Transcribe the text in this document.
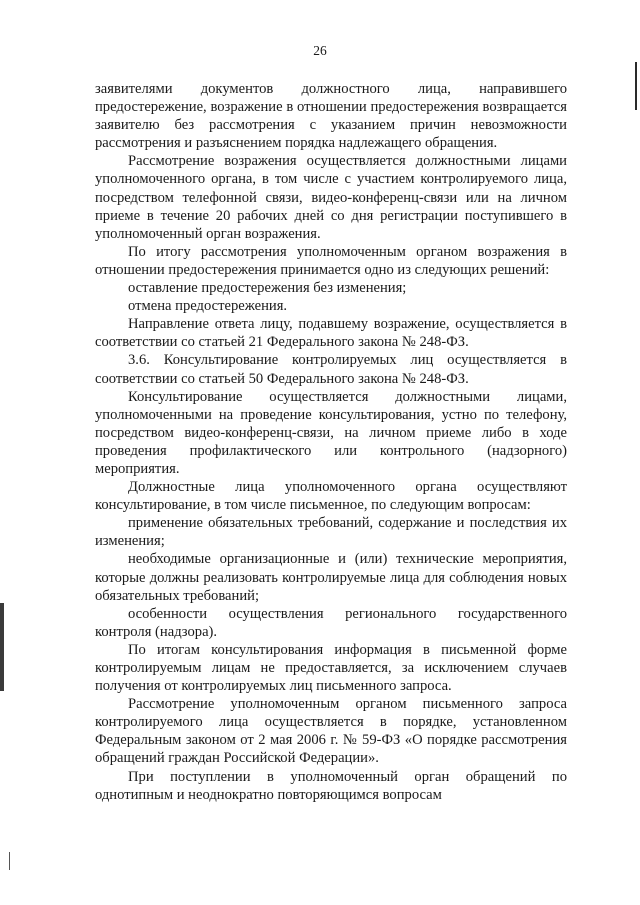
26

заявителями документов должностного лица, направившего предостережение, возражение в отношении предостережения возвращается заявителю без рассмотрения с указанием причин невозможности рассмотрения и разъяснением порядка надлежащего обращения.

Рассмотрение возражения осуществляется должностными лицами уполномоченного органа, в том числе с участием контролируемого лица, посредством телефонной связи, видео-конференц-связи или на личном приеме в течение 20 рабочих дней со дня регистрации поступившего в уполномоченный орган возражения.

По итогу рассмотрения уполномоченным органом возражения в отношении предостережения принимается одно из следующих решений:

оставление предостережения без изменения;

отмена предостережения.

Направление ответа лицу, подавшему возражение, осуществляется в соответствии со статьей 21 Федерального закона № 248-ФЗ.

3.6. Консультирование контролируемых лиц осуществляется в соответствии со статьей 50 Федерального закона № 248-ФЗ.

Консультирование осуществляется должностными лицами, уполномоченными на проведение консультирования, устно по телефону, посредством видео-конференц-связи, на личном приеме либо в ходе проведения профилактического или контрольного (надзорного) мероприятия.

Должностные лица уполномоченного органа осуществляют консультирование, в том числе письменное, по следующим вопросам:

применение обязательных требований, содержание и последствия их изменения;

необходимые организационные и (или) технические мероприятия, которые должны реализовать контролируемые лица для соблюдения новых обязательных требований;

особенности осуществления регионального государственного контроля (надзора).

По итогам консультирования информация в письменной форме контролируемым лицам не предоставляется, за исключением случаев получения от контролируемых лиц письменного запроса.

Рассмотрение уполномоченным органом письменного запроса контролируемого лица осуществляется в порядке, установленном Федеральным законом от 2 мая 2006 г. № 59-ФЗ «О порядке рассмотрения обращений граждан Российской Федерации».

При поступлении в уполномоченный орган обращений по однотипным и неоднократно повторяющимся вопросам
